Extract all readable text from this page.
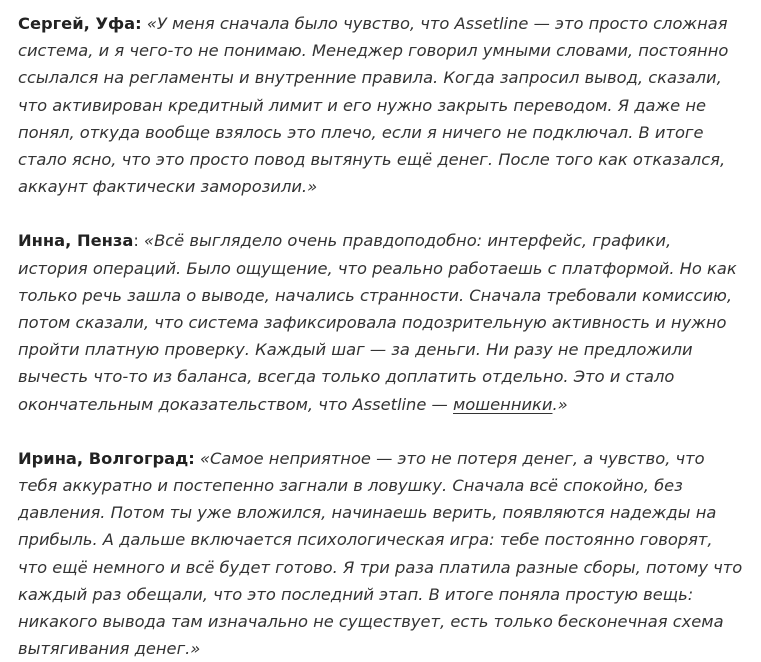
Сергей, Уфа: «У меня сначала было чувство, что Assetline — это просто сложная система, и я чего-то не понимаю. Менеджер говорил умными словами, постоянно ссылался на регламенты и внутренние правила. Когда запросил вывод, сказали, что активирован кредитный лимит и его нужно закрыть переводом. Я даже не понял, откуда вообще взялось это плечо, если я ничего не подключал. В итоге стало ясно, что это просто повод вытянуть ещё денег. После того как отказался, аккаунт фактически заморозили.»

Инна, Пенза: «Всё выглядело очень правдоподобно: интерфейс, графики, история операций. Было ощущение, что реально работаешь с платформой. Но как только речь зашла о выводе, начались странности. Сначала требовали комиссию, потом сказали, что система зафиксировала подозрительную активность и нужно пройти платную проверку. Каждый шаг — за деньги. Ни разу не предложили вычесть что-то из баланса, всегда только доплатить отдельно. Это и стало окончательным доказательством, что Assetline — мошенники.»

Ирина, Волгоград: «Самое неприятное — это не потеря денег, а чувство, что тебя аккуратно и постепенно загнали в ловушку. Сначала всё спокойно, без давления. Потом ты уже вложился, начинаешь верить, появляются надежды на прибыль. А дальше включается психологическая игра: тебе постоянно говорят, что ещё немного и всё будет готово. Я три раза платила разные сборы, потому что каждый раз обещали, что это последний этап. В итоге поняла простую вещь: никакого вывода там изначально не существует, есть только бесконечная схема вытягивания денег.»
